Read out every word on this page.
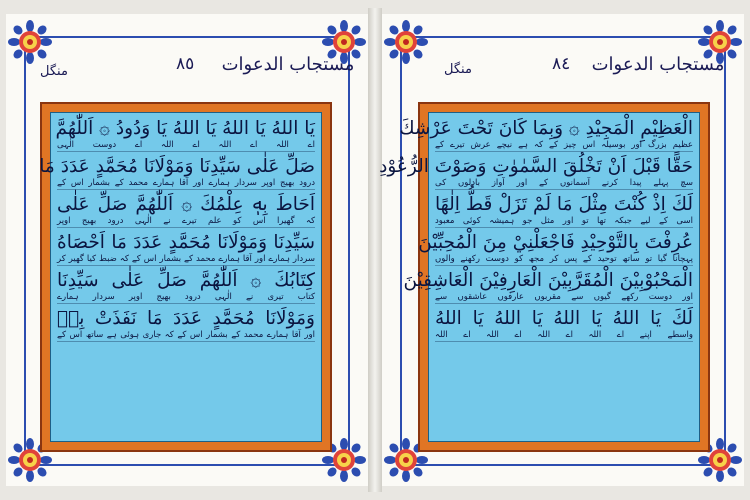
٨٥ مستجاب الدعوات
منگل
يَا اللهُ يَا اللهُ يَا اللهُ يَا وَدُودُ ۞ اَللّٰهُمَّ
اے اللہ اے اللہ اے اللہ اے دوست الٰہی
صَلِّ عَلٰى سَيِّدِنَا وَمَوْلَانَا مُحَمَّدٍ عَدَدَ مَا
درود بھیج اوپر سردار ہمارے اور آقا ہمارے محمد کے بشمار اس کے
اَحَاطَ بِهٖ عِلْمُكَ ۞ اَللّٰهُمَّ صَلِّ عَلٰى
کہ گھیرا اس کو علم تیرے نے الٰہی درود بھیج اوپر
سَيِّدِنَا وَمَوْلَانَا مُحَمَّدٍ عَدَدَ مَا اَحْصَاهُ
سردار ہمارے اور آقا ہمارے محمد کے بشمار اس کے کہ ضبط کیا گھیر کر
كِتَابُكَ ۞ اَللّٰهُمَّ صَلِّ عَلٰى سَيِّدِنَا
کتاب تیری نے الٰہی درود بھیج اوپر سردار ہمارے
وَمَوْلَانَا مُحَمَّدٍ عَدَدَ مَا نَفَذَتْ بِهٖ
اور آقا ہمارے محمد کے بشمار اس کے کہ جاری ہوئی ہے ساتھ اس کے
٨٤ مستجاب الدعوات
منگل
الْعَظِيْمِ الْمَجِيْدِ ۞ وَبِمَا كَانَ تَحْتَ عَرْشِكَ
عظیم بزرگ اور بوسیلہ اس چیز کے کہ ہے نیچے عرش تیرے کے
حَقًّا قَبْلَ اَنْ تَخْلُقَ السَّمٰوٰتِ وَصَوْتَ الرُّعُوْدِ
سچ پہلے پیدا کرنے آسمانوں کے اور آواز بادلوں کی
لَكَ اِذْ كُنْتَ مِثْلَ مَا لَمْ تَزَلْ قَطُّ اِلٰهًا
اسی کے لیے جبکہ تھا تو اور مثل جو ہمیشہ کوئی معبود
عُرِفْتَ بِالتَّوْحِيْدِ فَاجْعَلْنِيْ مِنَ الْمُحِبِّيْنَ
پہچانا گیا تو ساتھ توحید کے پس کر مجھ کو دوست رکھنے والوں
الْمَحْبُوْبِيْنَ الْمُقَرَّبِيْنَ الْعَارِفِيْنَ الْعَاشِقِيْنَ
اور دوست رکھے گیوں سے مقربوں عارفوں عاشقوں سے
لَكَ يَا اللهُ يَا اللهُ يَا اللهُ يَا اللهُ
واسطے اپنے اے اللہ اے اللہ اے اللہ اے اللہ
